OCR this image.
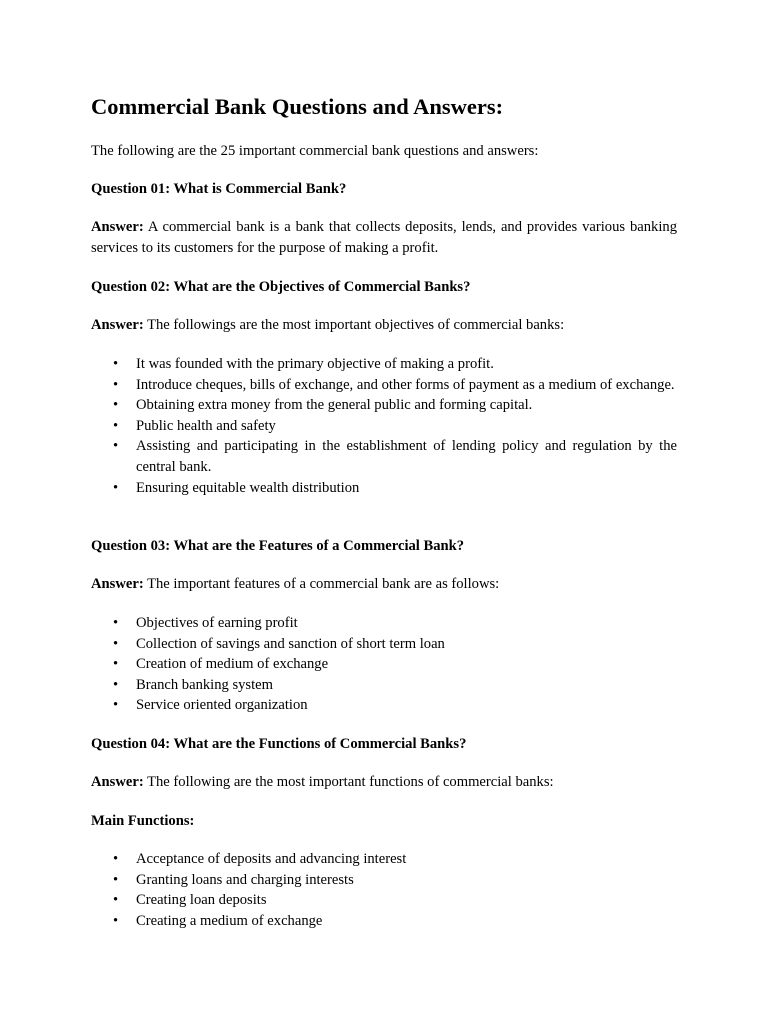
Commercial Bank Questions and Answers:

The following are the 25 important commercial bank questions and answers:

Question 01: What is Commercial Bank?

Answer: A commercial bank is a bank that collects deposits, lends, and provides various banking services to its customers for the purpose of making a profit.

Question 02: What are the Objectives of Commercial Banks?

Answer: The followings are the most important objectives of commercial banks:

• It was founded with the primary objective of making a profit.
• Introduce cheques, bills of exchange, and other forms of payment as a medium of exchange.
• Obtaining extra money from the general public and forming capital.
• Public health and safety
• Assisting and participating in the establishment of lending policy and regulation by the central bank.
• Ensuring equitable wealth distribution

Question 03: What are the Features of a Commercial Bank?

Answer: The important features of a commercial bank are as follows:

• Objectives of earning profit
• Collection of savings and sanction of short term loan
• Creation of medium of exchange
• Branch banking system
• Service oriented organization

Question 04: What are the Functions of Commercial Banks?

Answer: The following are the most important functions of commercial banks:

Main Functions:

• Acceptance of deposits and advancing interest
• Granting loans and charging interests
• Creating loan deposits
• Creating a medium of exchange
